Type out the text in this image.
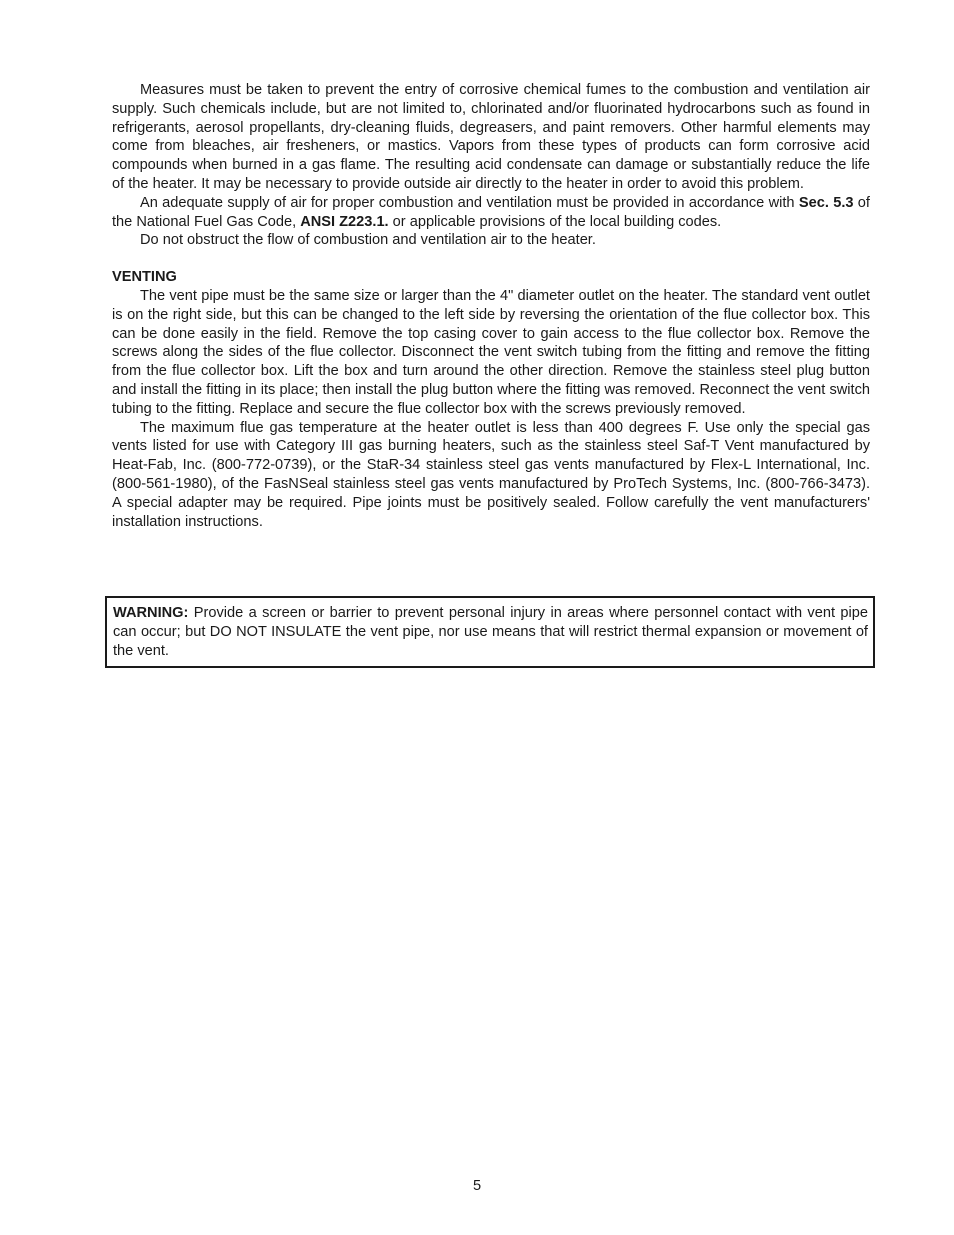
Measures must be taken to prevent the entry of corrosive chemical fumes to the combustion and ventilation air supply. Such chemicals include, but are not limited to, chlorinated and/or fluorinated hydrocarbons such as found in refrigerants, aerosol propellants, dry-cleaning fluids, degreasers, and paint removers. Other harmful elements may come from bleaches, air fresheners, or mastics. Vapors from these types of products can form corrosive acid compounds when burned in a gas flame. The resulting acid condensate can damage or substantially reduce the life of the heater. It may be necessary to provide outside air directly to the heater in order to avoid this problem.

An adequate supply of air for proper combustion and ventilation must be provided in accordance with Sec. 5.3 of the National Fuel Gas Code, ANSI Z223.1. or applicable provisions of the local building codes.

Do not obstruct the flow of combustion and ventilation air to the heater.

VENTING

The vent pipe must be the same size or larger than the 4" diameter outlet on the heater. The standard vent outlet is on the right side, but this can be changed to the left side by reversing the orientation of the flue collector box. This can be done easily in the field. Remove the top casing cover to gain access to the flue collector box. Remove the screws along the sides of the flue collector. Disconnect the vent switch tubing from the fitting and remove the fitting from the flue collector box. Lift the box and turn around the other direction. Remove the stainless steel plug button and install the fitting in its place; then install the plug button where the fitting was removed. Reconnect the vent switch tubing to the fitting. Replace and secure the flue collector box with the screws previously removed.

The maximum flue gas temperature at the heater outlet is less than 400 degrees F. Use only the special gas vents listed for use with Category III gas burning heaters, such as the stainless steel Saf-T Vent manufactured by Heat-Fab, Inc. (800-772-0739), or the StaR-34 stainless steel gas vents manufactured by Flex-L International, Inc. (800-561-1980), of the FasNSeal stainless steel gas vents manufactured by ProTech Systems, Inc. (800-766-3473). A special adapter may be required. Pipe joints must be positively sealed. Follow carefully the vent manufacturers' installation instructions.

WARNING: Provide a screen or barrier to prevent personal injury in areas where personnel contact with vent pipe can occur; but DO NOT INSULATE the vent pipe, nor use means that will restrict thermal expansion or movement of the vent.

5
